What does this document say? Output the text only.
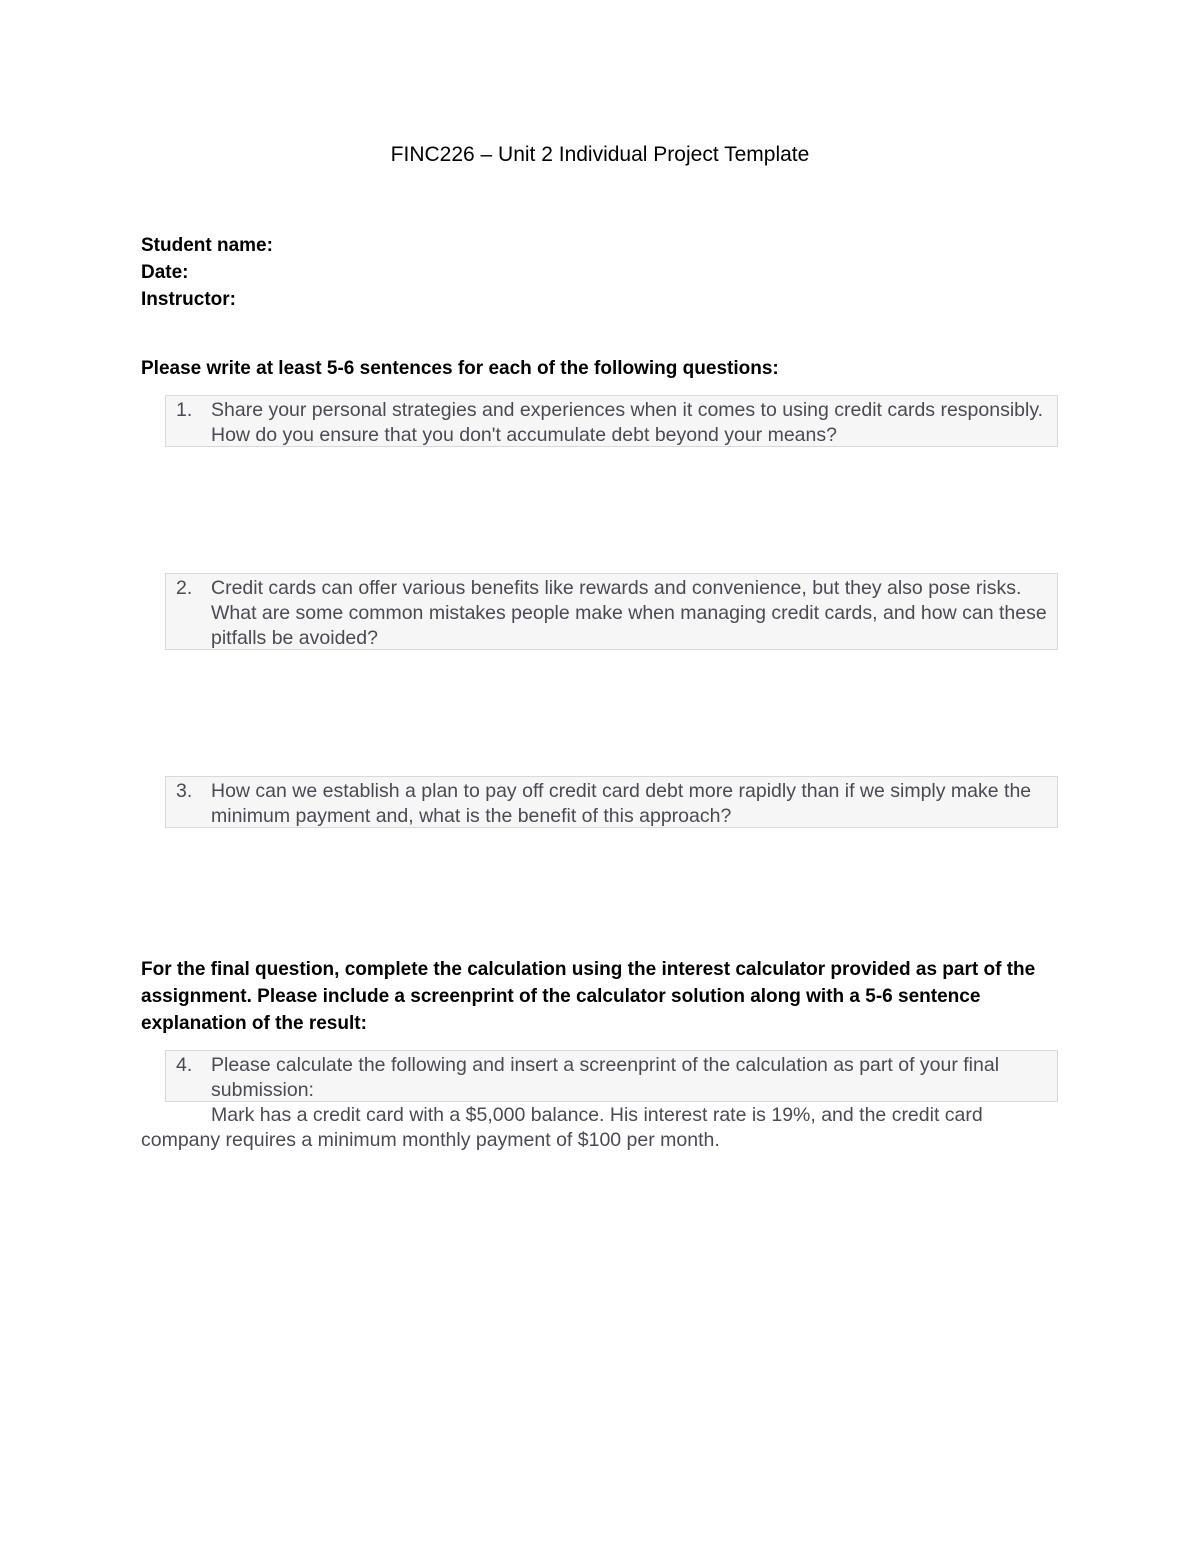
FINC226 – Unit 2 Individual Project Template
Student name:
Date:
Instructor:
Please write at least 5-6 sentences for each of the following questions:
1. Share your personal strategies and experiences when it comes to using credit cards responsibly. How do you ensure that you don't accumulate debt beyond your means?
2. Credit cards can offer various benefits like rewards and convenience, but they also pose risks. What are some common mistakes people make when managing credit cards, and how can these pitfalls be avoided?
3. How can we establish a plan to pay off credit card debt more rapidly than if we simply make the minimum payment and, what is the benefit of this approach?
For the final question, complete the calculation using the interest calculator provided as part of the assignment. Please include a screenprint of the calculator solution along with a 5-6 sentence explanation of the result:
4. Please calculate the following and insert a screenprint of the calculation as part of your final submission:
Mark has a credit card with a $5,000 balance. His interest rate is 19%, and the credit card company requires a minimum monthly payment of $100 per month.
